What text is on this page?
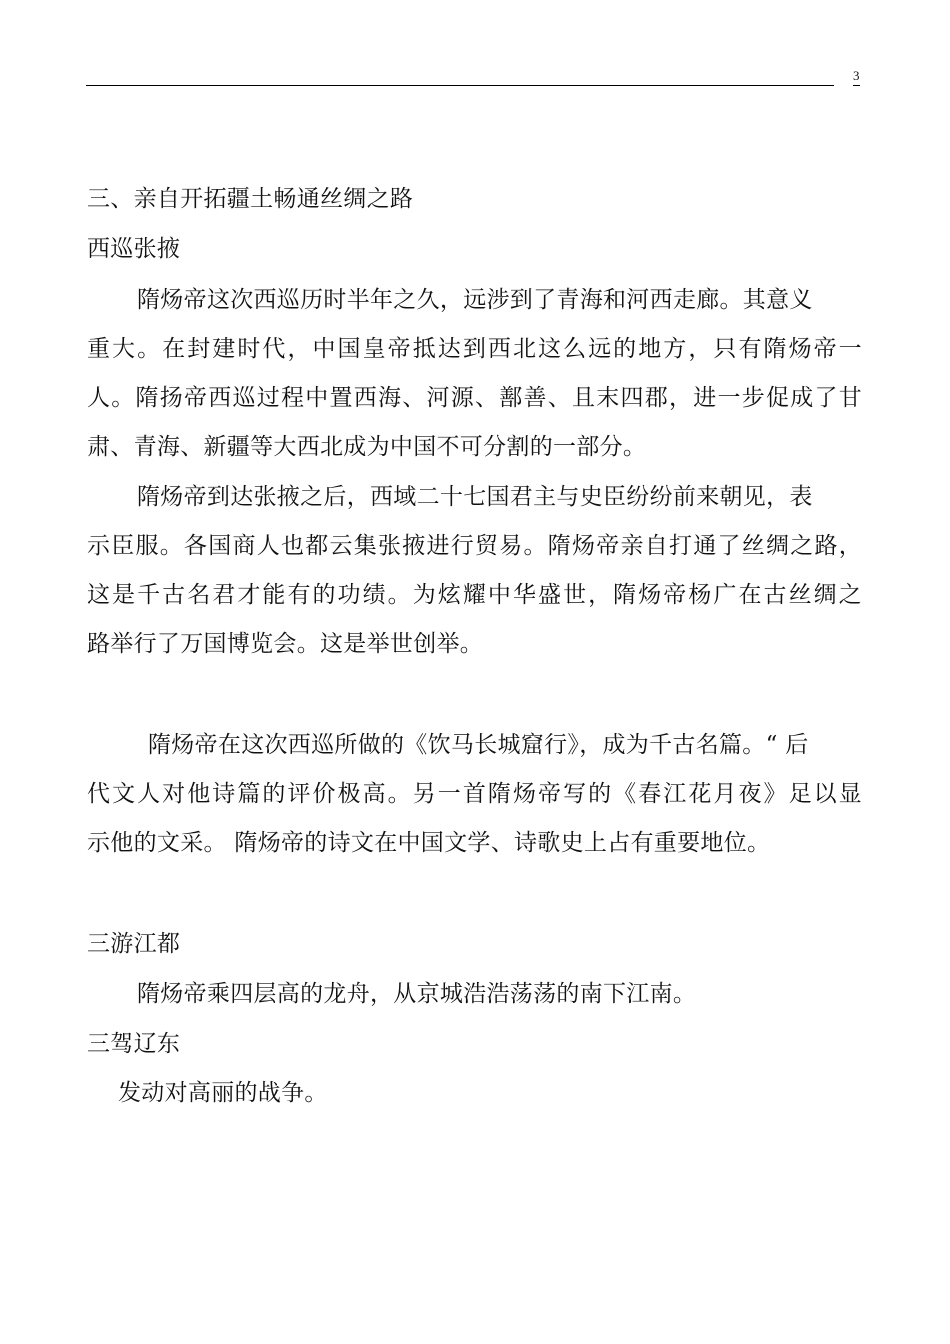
3
三、亲自开拓疆土畅通丝绸之路
西巡张掖
隋炀帝这次西巡历时半年之久，远涉到了青海和河西走廊。其意义
重大。在封建时代，中国皇帝抵达到西北这么远的地方，只有隋炀帝一
人。隋扬帝西巡过程中置西海、河源、鄯善、且末四郡，进一步促成了甘
肃、青海、新疆等大西北成为中国不可分割的一部分。
隋炀帝到达张掖之后，西域二十七国君主与史臣纷纷前来朝见，表
示臣服。各国商人也都云集张掖进行贸易。隋炀帝亲自打通了丝绸之路，
这是千古名君才能有的功绩。为炫耀中华盛世，隋炀帝杨广在古丝绸之
路举行了万国博览会。这是举世创举。
隋炀帝在这次西巡所做的《饮马长城窟行》，成为千古名篇。“ 后
代文人对他诗篇的评价极高。另一首隋炀帝写的《春江花月夜》足以显
示他的文采。 隋炀帝的诗文在中国文学、诗歌史上占有重要地位。
三游江都
隋炀帝乘四层高的龙舟，从京城浩浩荡荡的南下江南。
三驾辽东
发动对高丽的战争。
